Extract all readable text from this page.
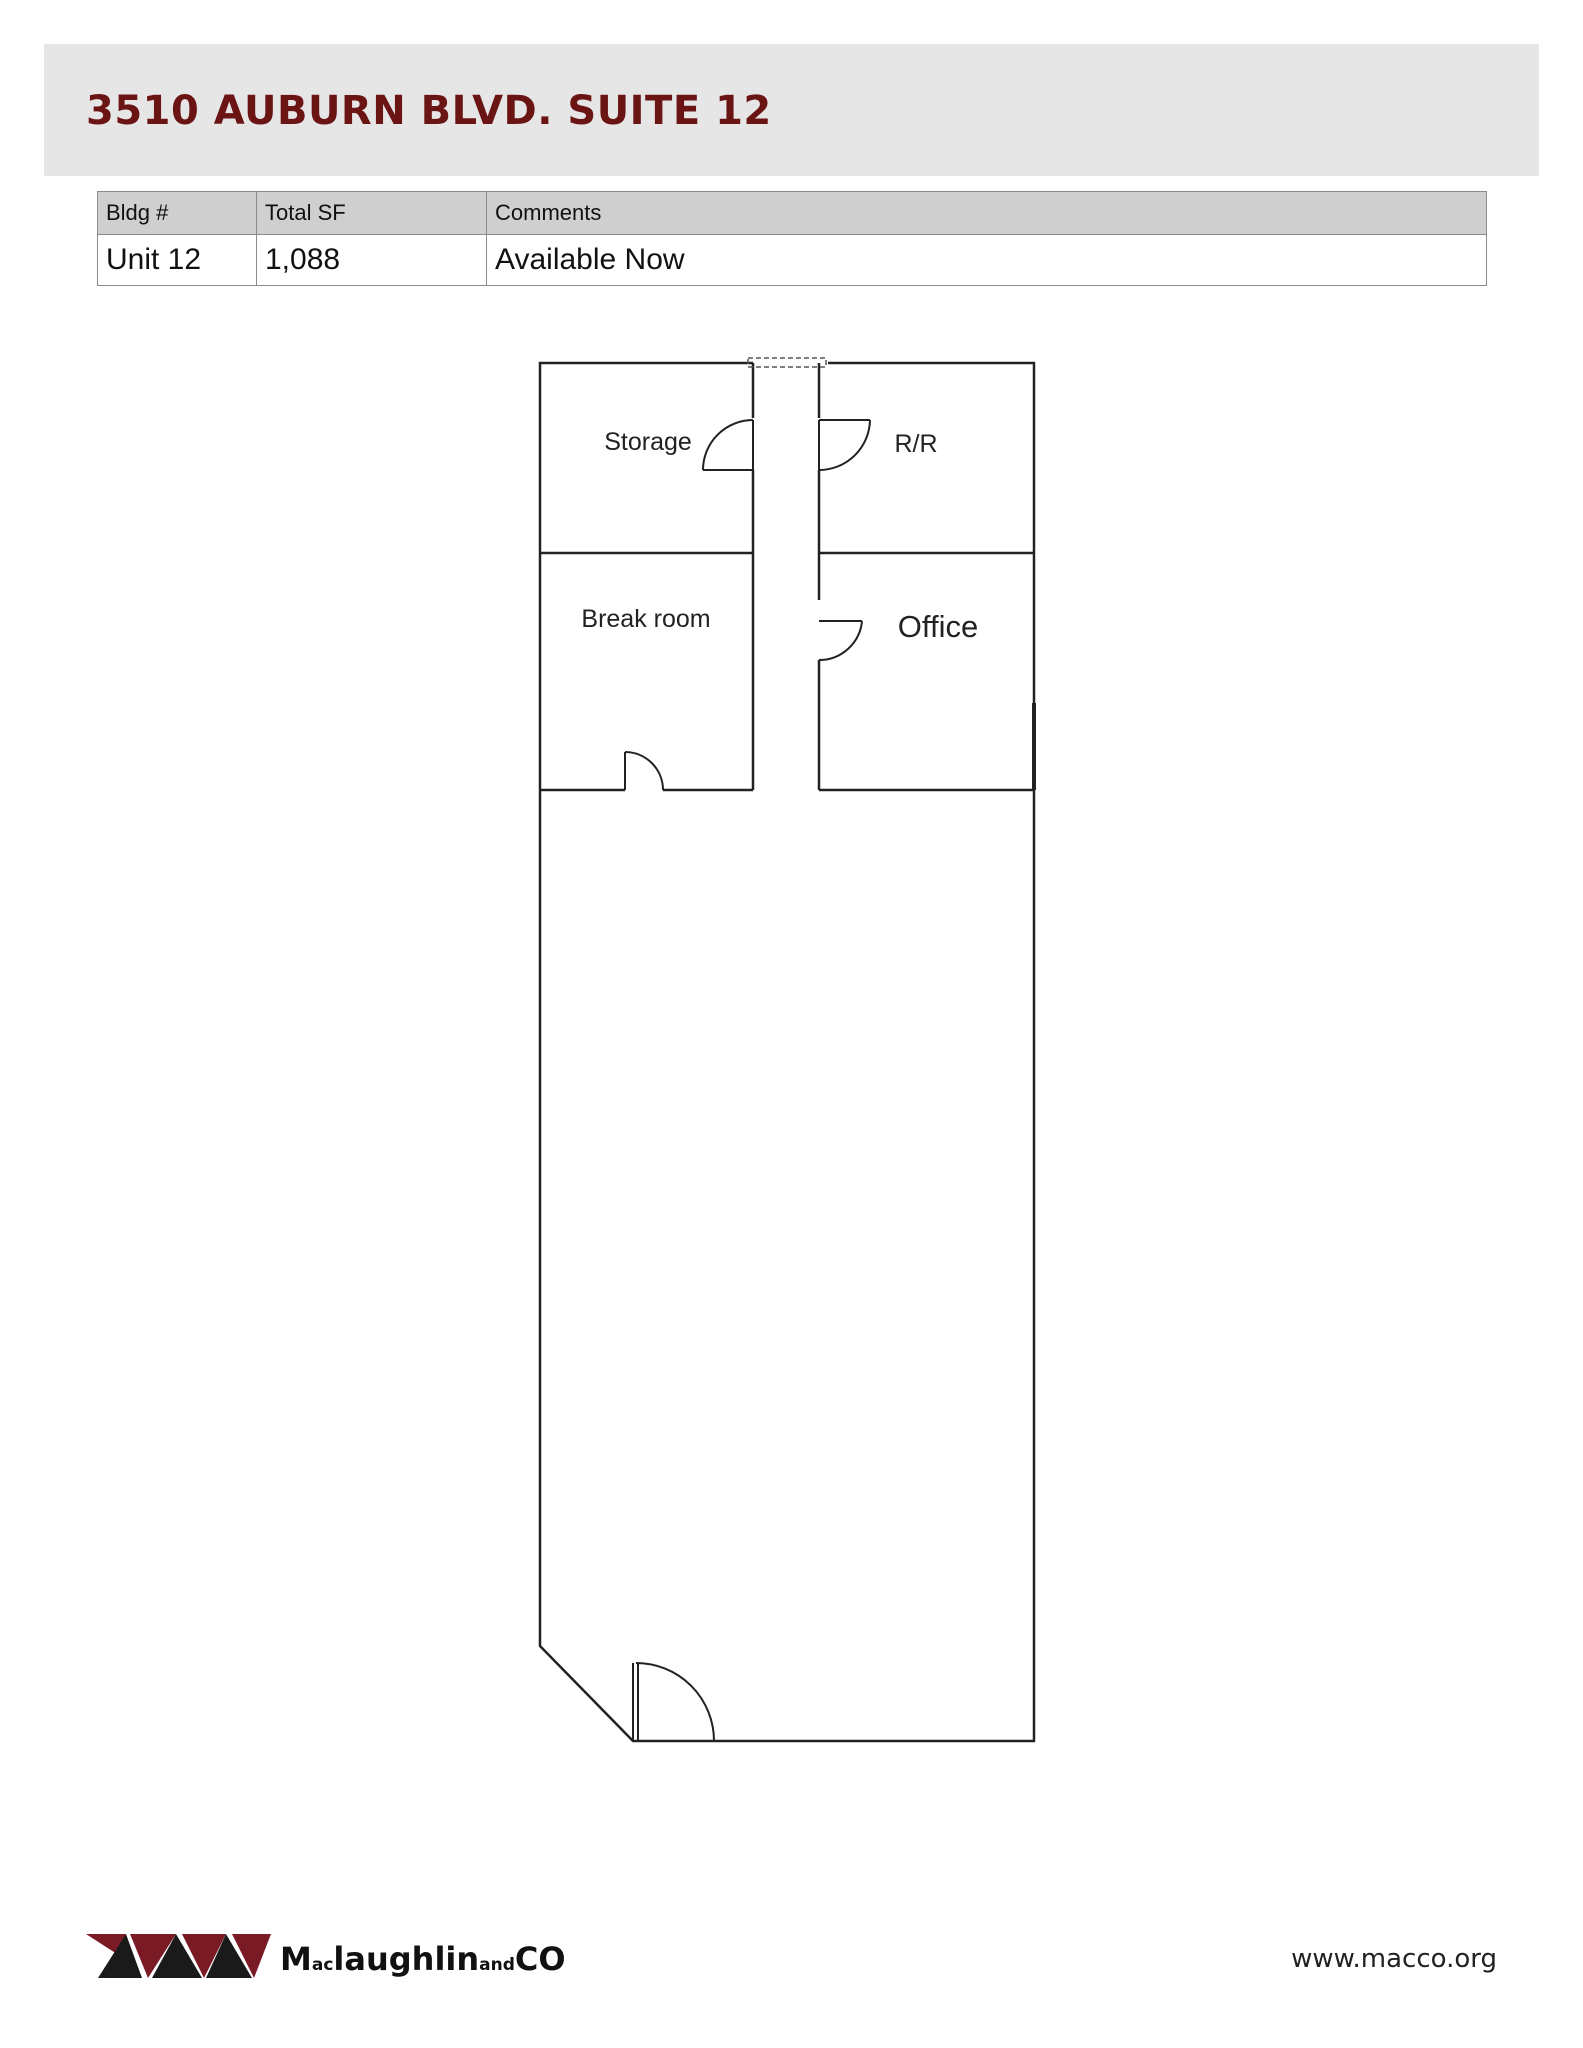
3510 AUBURN BLVD. SUITE 12
Bldg #	Total SF	Comments
Unit 12	1,088	Available Now
Storage	R/R
Break room	Office
MaclaughlinandCO	www.macco.org
